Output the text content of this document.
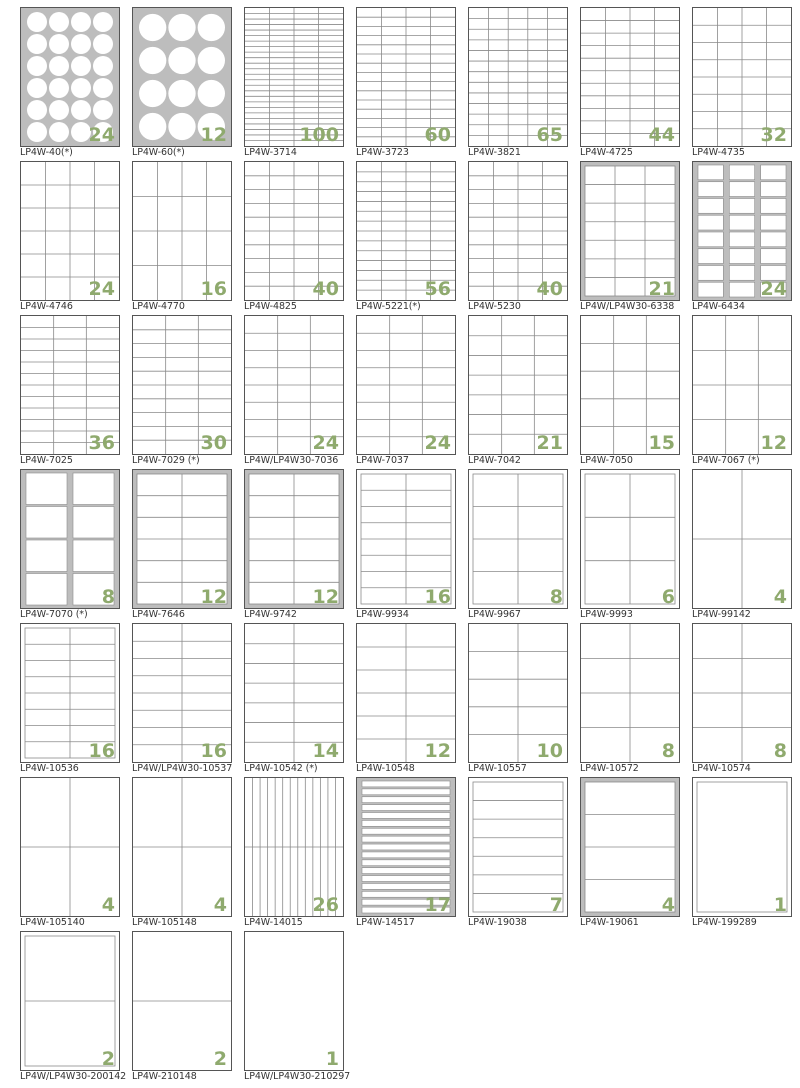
24
LP4W-40(*)
12
LP4W-60(*)
100
LP4W-3714
60
LP4W-3723
65
LP4W-3821
44
LP4W-4725
32
LP4W-4735
24
LP4W-4746
16
LP4W-4770
40
LP4W-4825
56
LP4W-5221(*)
40
LP4W-5230
21
LP4W/LP4W30-6338
24
LP4W-6434
36
LP4W-7025
30
LP4W-7029 (*)
24
LP4W/LP4W30-7036
24
LP4W-7037
21
LP4W-7042
15
LP4W-7050
12
LP4W-7067 (*)
8
LP4W-7070 (*)
12
LP4W-7646
12
LP4W-9742
16
LP4W-9934
8
LP4W-9967
6
LP4W-9993
4
LP4W-99142
16
LP4W-10536
16
LP4W/LP4W30-10537
14
LP4W-10542 (*)
12
LP4W-10548
10
LP4W-10557
8
LP4W-10572
8
LP4W-10574
4
LP4W-105140
4
LP4W-105148
26
LP4W-14015
17
LP4W-14517
7
LP4W-19038
4
LP4W-19061
1
LP4W-199289
2
LP4W/LP4W30-200142
2
LP4W-210148
1
LP4W/LP4W30-210297
